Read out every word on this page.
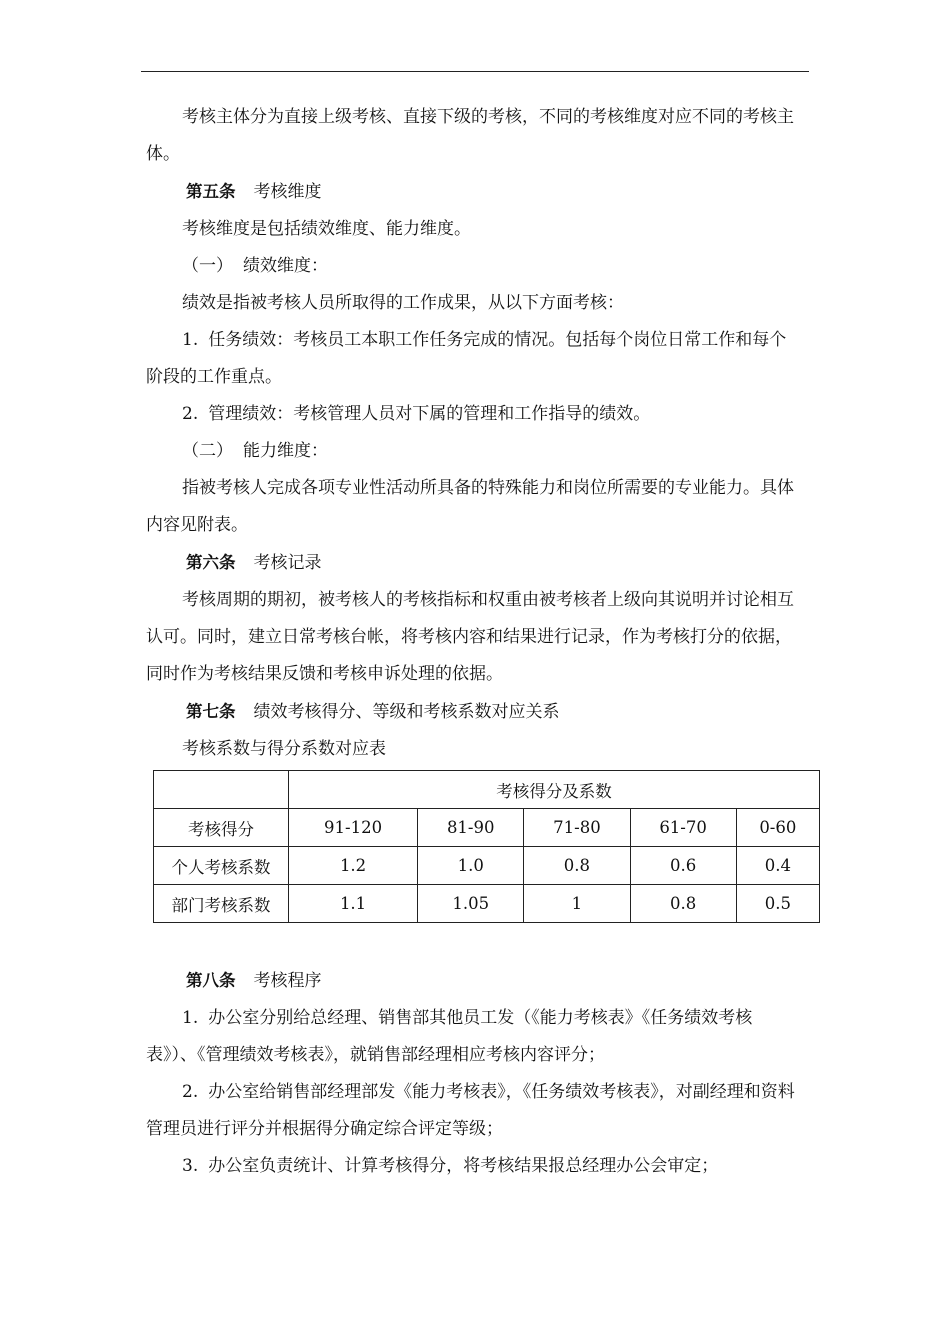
考核主体分为直接上级考核、直接下级的考核，不同的考核维度对应不同的考核主体。

第五条 考核维度

考核维度是包括绩效维度、能力维度。

（一） 绩效维度：

绩效是指被考核人员所取得的工作成果，从以下方面考核：

1. 任务绩效：考核员工本职工作任务完成的情况。包括每个岗位日常工作和每个阶段的工作重点。

2. 管理绩效：考核管理人员对下属的管理和工作指导的绩效。

（二） 能力维度：

指被考核人完成各项专业性活动所具备的特殊能力和岗位所需要的专业能力。具体内容见附表。

第六条 考核记录

考核周期的期初，被考核人的考核指标和权重由被考核者上级向其说明并讨论相互认可。同时，建立日常考核台帐，将考核内容和结果进行记录，作为考核打分的依据，同时作为考核结果反馈和考核申诉处理的依据。

第七条 绩效考核得分、等级和考核系数对应关系

考核系数与得分系数对应表

	考核得分及系数				
考核得分	91-120	81-90	71-80	61-70	0-60
个人考核系数	1.2	1.0	0.8	0.6	0.4
部门考核系数	1.1	1.05	1	0.8	0.5

第八条 考核程序

1. 办公室分别给总经理、销售部其他员工发（《能力考核表》《任务绩效考核表》）、《管理绩效考核表》，就销售部经理相应考核内容评分；

2. 办公室给销售部经理部发《能力考核表》，《任务绩效考核表》，对副经理和资料管理员进行评分并根据得分确定综合评定等级；

3. 办公室负责统计、计算考核得分，将考核结果报总经理办公会审定；
